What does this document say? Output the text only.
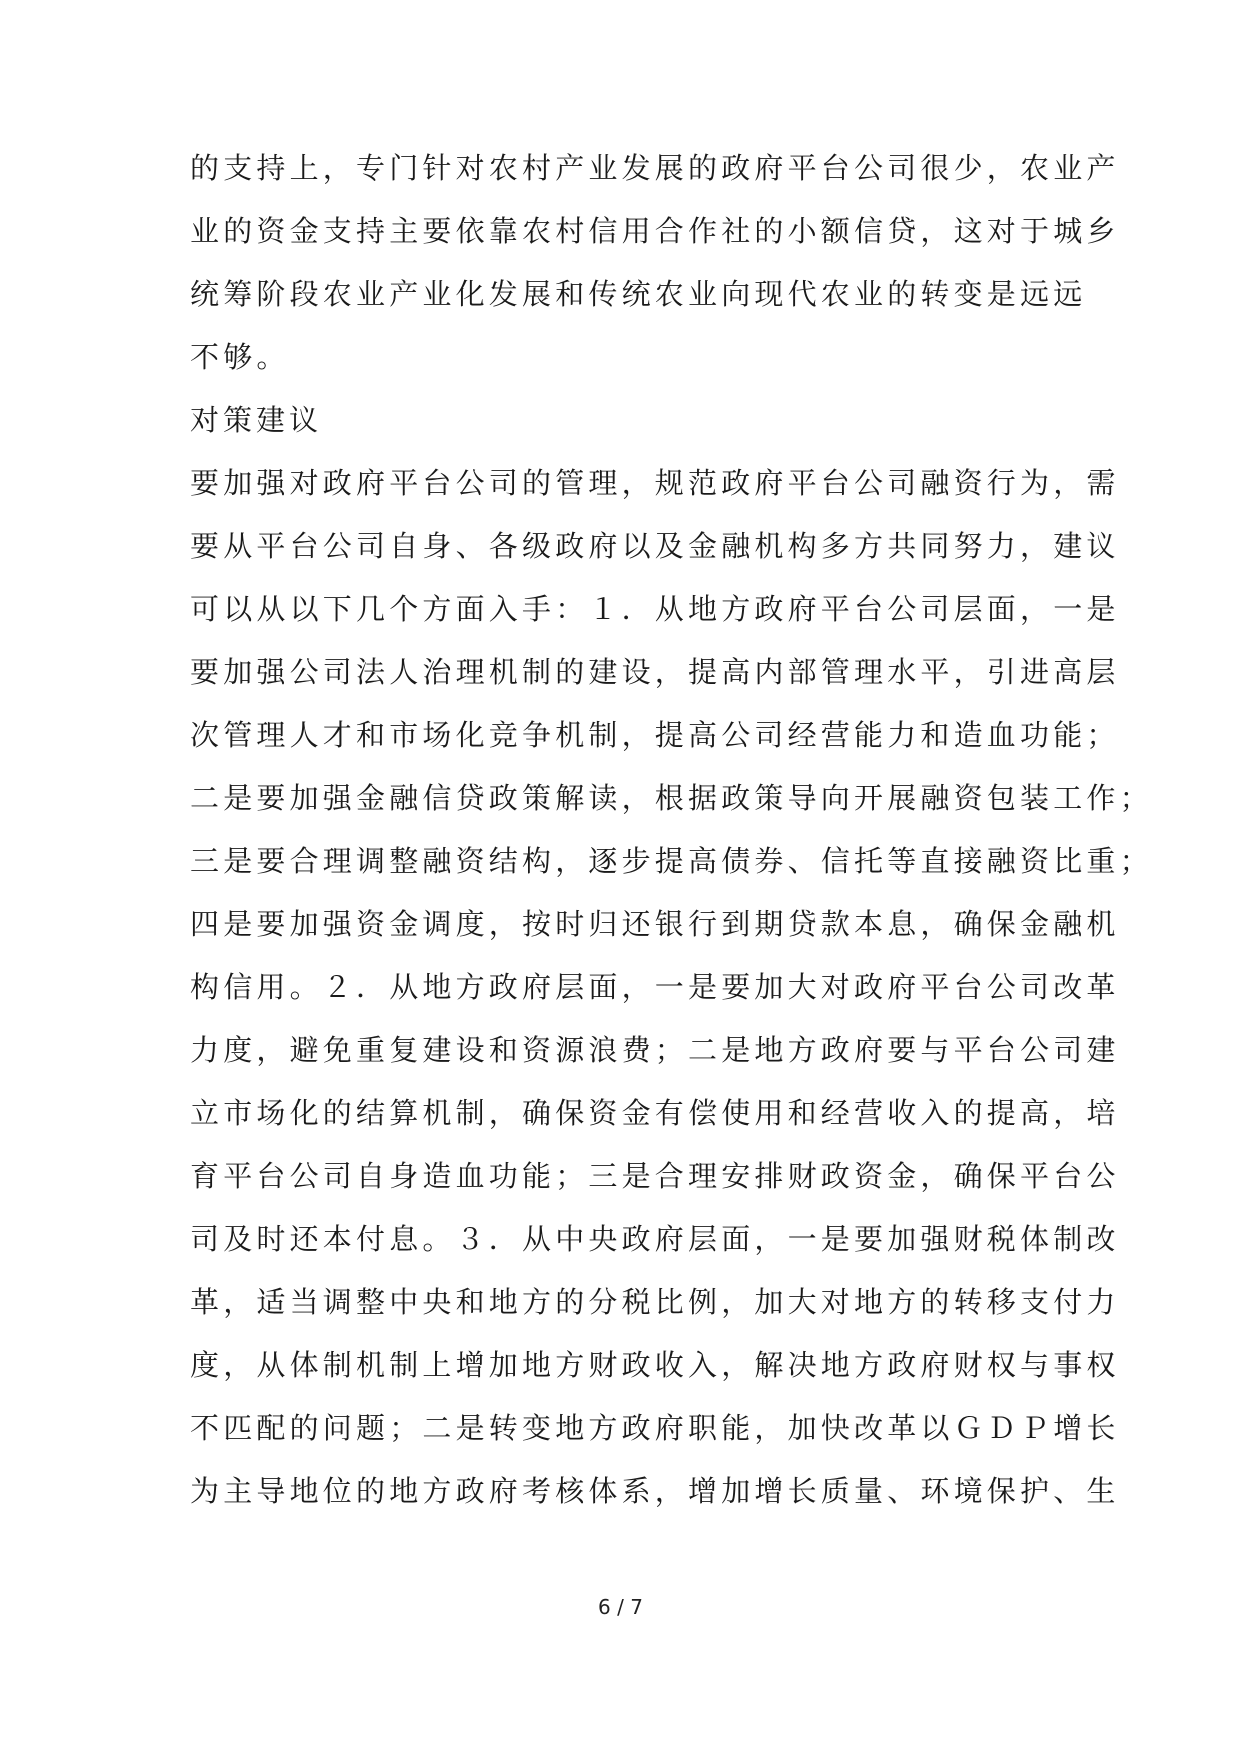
的支持上，专门针对农村产业发展的政府平台公司很少，农业产
业的资金支持主要依靠农村信用合作社的小额信贷，这对于城乡
统筹阶段农业产业化发展和传统农业向现代农业的转变是远远
不够。
对策建议
要加强对政府平台公司的管理，规范政府平台公司融资行为，需
要从平台公司自身、各级政府以及金融机构多方共同努力，建议
可以从以下几个方面入手：１．从地方政府平台公司层面，一是
要加强公司法人治理机制的建设，提高内部管理水平，引进高层
次管理人才和市场化竞争机制，提高公司经营能力和造血功能；
二是要加强金融信贷政策解读，根据政策导向开展融资包装工作；
三是要合理调整融资结构，逐步提高债券、信托等直接融资比重；
四是要加强资金调度，按时归还银行到期贷款本息，确保金融机
构信用。２．从地方政府层面，一是要加大对政府平台公司改革
力度，避免重复建设和资源浪费；二是地方政府要与平台公司建
立市场化的结算机制，确保资金有偿使用和经营收入的提高，培
育平台公司自身造血功能；三是合理安排财政资金，确保平台公
司及时还本付息。３．从中央政府层面，一是要加强财税体制改
革，适当调整中央和地方的分税比例，加大对地方的转移支付力
度，从体制机制上增加地方财政收入，解决地方政府财权与事权
不匹配的问题；二是转变地方政府职能，加快改革以ＧＤＰ增长
为主导地位的地方政府考核体系，增加增长质量、环境保护、生
6 / 7
